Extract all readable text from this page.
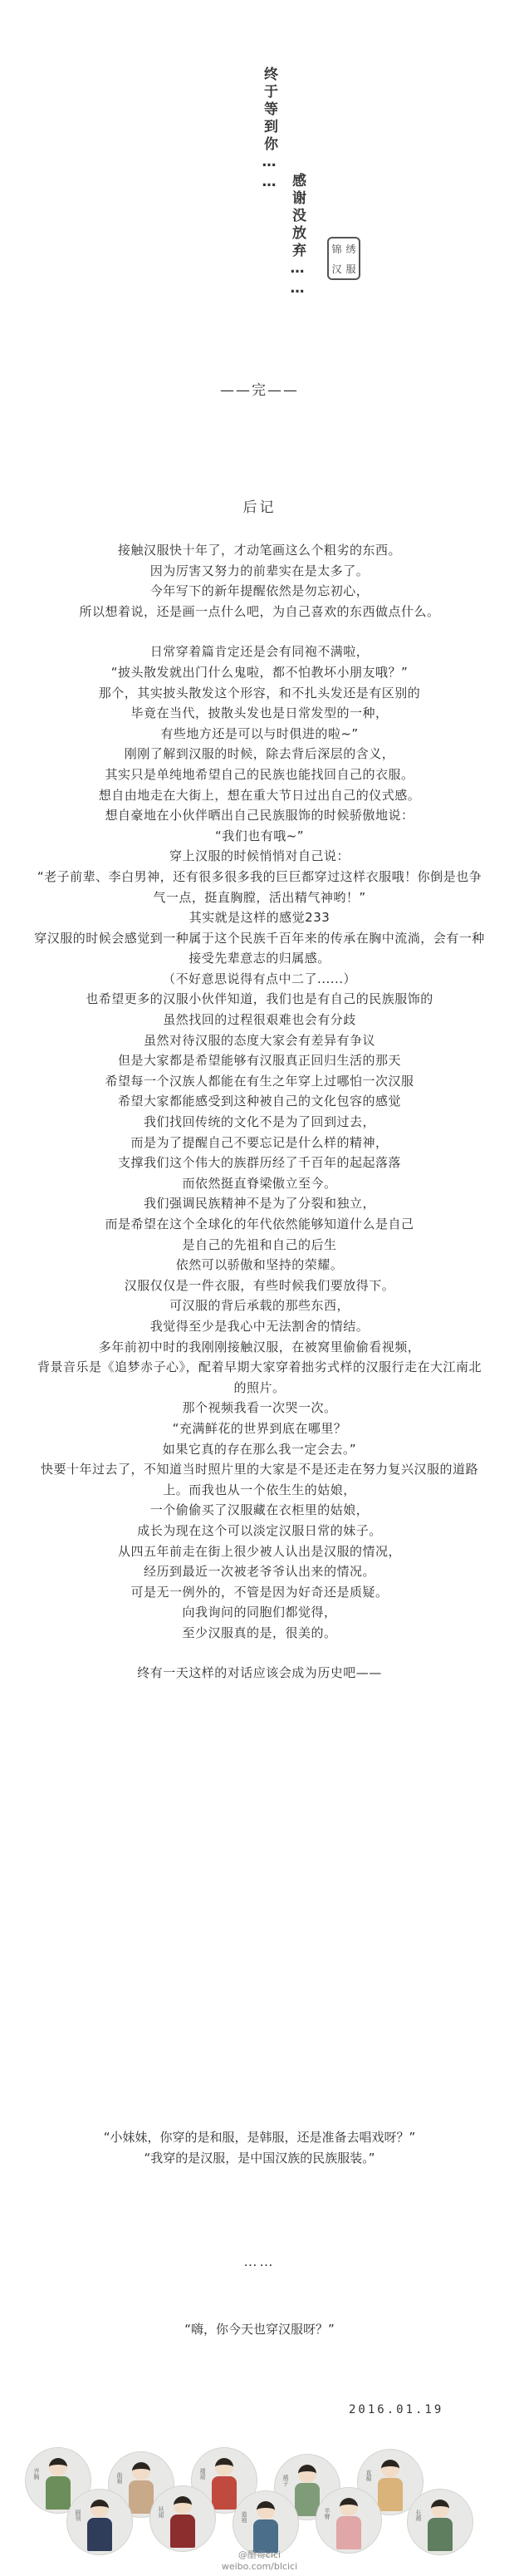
终于等到你……
感谢没放弃……	锦 绣
汉 服
——完——
后记

接触汉服快十年了，才动笔画这么个粗劣的东西。

因为厉害又努力的前辈实在是太多了。

今年写下的新年提醒依然是勿忘初心，

所以想着说，还是画一点什么吧，为自己喜欢的东西做点什么。

日常穿着篇肯定还是会有同袍不满啦，

“披头散发就出门什么鬼啦，都不怕教坏小朋友哦？”

那个，其实披头散发这个形容，和不扎头发还是有区别的

毕竟在当代，披散头发也是日常发型的一种，

有些地方还是可以与时俱进的啦~”

刚刚了解到汉服的时候，除去背后深层的含义，

其实只是单纯地希望自己的民族也能找回自己的衣服。

想自由地走在大街上，想在重大节日过出自己的仪式感。

想自豪地在小伙伴晒出自己民族服饰的时候骄傲地说：

“我们也有哦~”

穿上汉服的时候悄悄对自己说：

“老子前辈、李白男神，还有很多很多我的巨巨都穿过这样衣服哦！你倒是也争气一点，挺直胸膛，活出精气神哟！”

其实就是这样的感觉233

穿汉服的时候会感觉到一种属于这个民族千百年来的传承在胸中流淌，会有一种接受先辈意志的归属感。

（不好意思说得有点中二了......）

也希望更多的汉服小伙伴知道，我们也是有自己的民族服饰的

虽然找回的过程很艰难也会有分歧

虽然对待汉服的态度大家会有差异有争议

但是大家都是希望能够有汉服真正回归生活的那天

希望每一个汉族人都能在有生之年穿上过哪怕一次汉服

希望大家都能感受到这种被自己的文化包容的感觉

我们找回传统的文化不是为了回到过去，

而是为了提醒自己不要忘记是什么样的精神，

支撑我们这个伟大的族群历经了千百年的起起落落

而依然挺直脊梁傲立至今。

我们强调民族精神不是为了分裂和独立，

而是希望在这个全球化的年代依然能够知道什么是自己

是自己的先祖和自己的后生

依然可以骄傲和坚持的荣耀。

汉服仅仅是一件衣服，有些时候我们要放得下。

可汉服的背后承载的那些东西，

我觉得至少是我心中无法割舍的情结。

多年前初中时的我刚刚接触汉服，在被窝里偷偷看视频，

背景音乐是《追梦赤子心》，配着早期大家穿着拙劣式样的汉服行走在大江南北的照片。

那个视频我看一次哭一次。

“充满鲜花的世界到底在哪里？

如果它真的存在那么我一定会去。”

快要十年过去了，不知道当时照片里的大家是不是还走在努力复兴汉服的道路上。而我也从一个依生生的姑娘，

一个偷偷买了汉服藏在衣柜里的姑娘，

成长为现在这个可以淡定汉服日常的妹子。

从四五年前走在街上很少被人认出是汉服的情况，

经历到最近一次被老爷爷认出来的情况。

可是无一例外的，不管是因为好奇还是质疑。

向我询问的同胞们都觉得，

至少汉服真的是，很美的。

终有一天这样的对话应该会成为历史吧——

“小妹妹，你穿的是和服，是韩服，还是准备去唱戏呀？”

“我穿的是汉服，是中国汉族的民族服装。”

……
“嗨，你今天也穿汉服呀？”
2016.01.19
齐胸	曲裾	襦裙
褙子	直裾
圆领	袄裙	道袍	半臂	长褙
@醋哥cici
weibo.com/blcici
